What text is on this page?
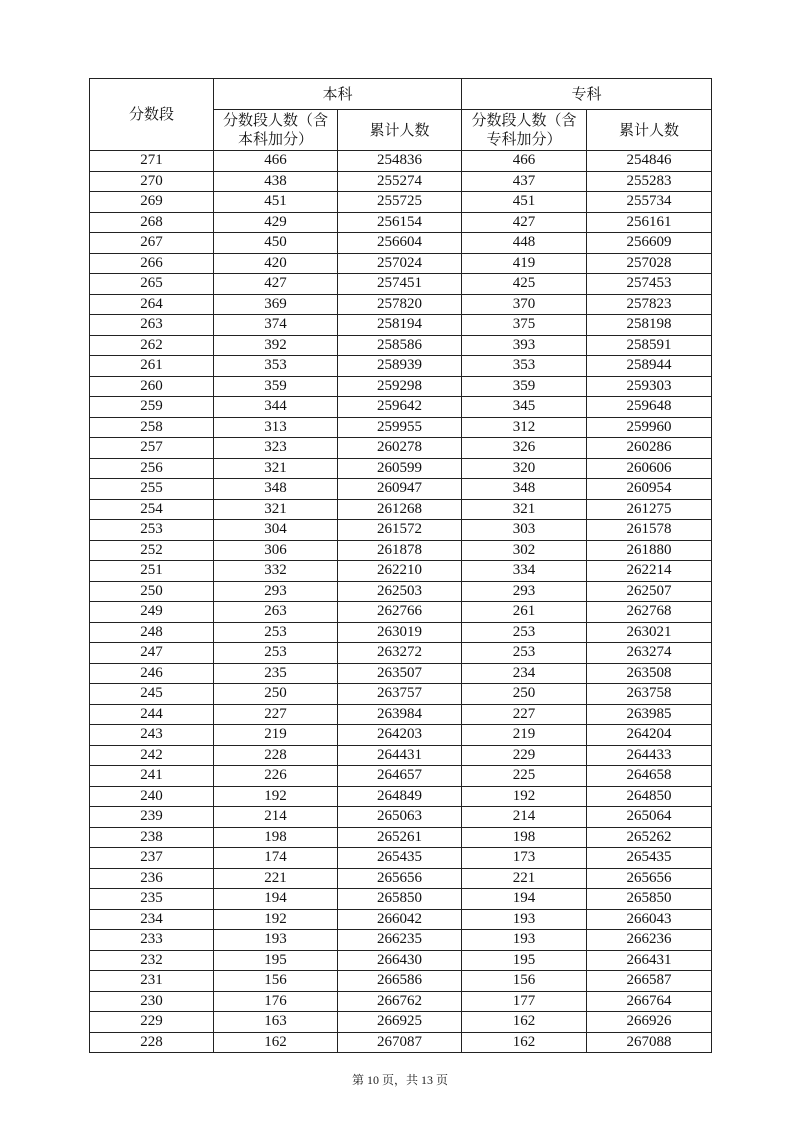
分数段	本科		专科	
	分数段人数（含本科加分）	累计人数	分数段人数（含专科加分）	累计人数
271	466	254836	466	254846
270	438	255274	437	255283
269	451	255725	451	255734
268	429	256154	427	256161
267	450	256604	448	256609
266	420	257024	419	257028
265	427	257451	425	257453
264	369	257820	370	257823
263	374	258194	375	258198
262	392	258586	393	258591
261	353	258939	353	258944
260	359	259298	359	259303
259	344	259642	345	259648
258	313	259955	312	259960
257	323	260278	326	260286
256	321	260599	320	260606
255	348	260947	348	260954
254	321	261268	321	261275
253	304	261572	303	261578
252	306	261878	302	261880
251	332	262210	334	262214
250	293	262503	293	262507
249	263	262766	261	262768
248	253	263019	253	263021
247	253	263272	253	263274
246	235	263507	234	263508
245	250	263757	250	263758
244	227	263984	227	263985
243	219	264203	219	264204
242	228	264431	229	264433
241	226	264657	225	264658
240	192	264849	192	264850
239	214	265063	214	265064
238	198	265261	198	265262
237	174	265435	173	265435
236	221	265656	221	265656
235	194	265850	194	265850
234	192	266042	193	266043
233	193	266235	193	266236
232	195	266430	195	266431
231	156	266586	156	266587
230	176	266762	177	266764
229	163	266925	162	266926
228	162	267087	162	267088
第 10 页，共 13 页
